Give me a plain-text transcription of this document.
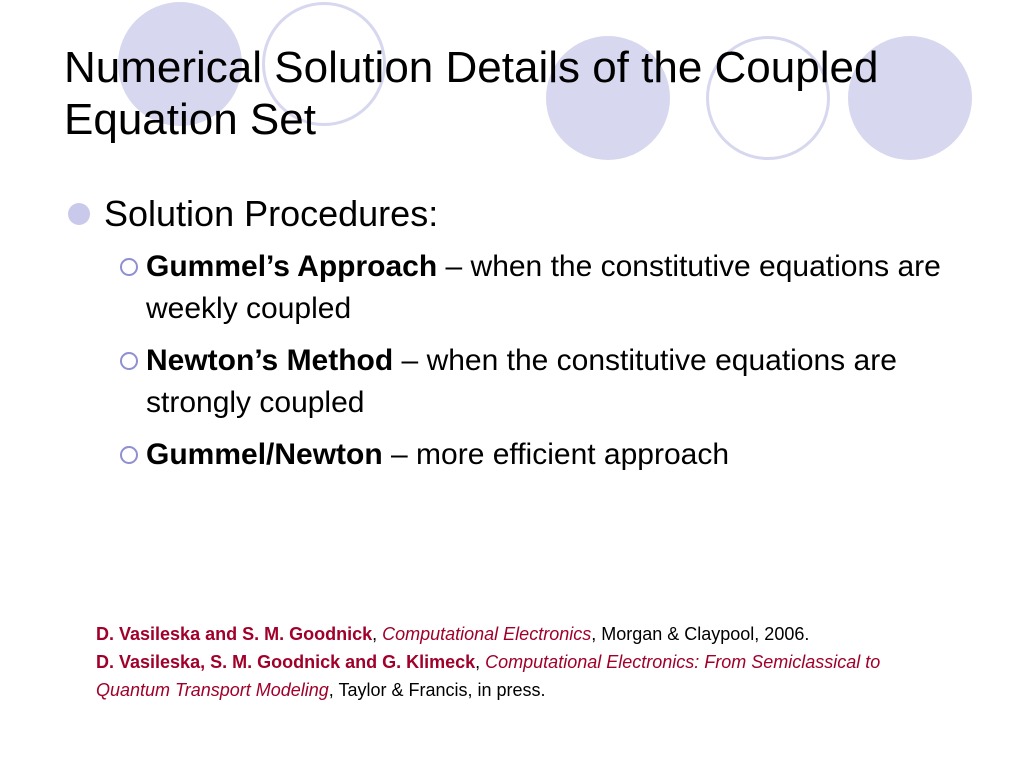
Numerical Solution Details of the Coupled Equation Set
Solution Procedures:
Gummel’s Approach – when the constitutive equations are weekly coupled
Newton’s Method – when the constitutive equations are strongly coupled
Gummel/Newton – more efficient approach

D. Vasileska and S. M. Goodnick, Computational Electronics, Morgan & Claypool, 2006.

D. Vasileska, S. M. Goodnick and G. Klimeck, Computational Electronics: From Semiclassical to Quantum Transport Modeling, Taylor & Francis, in press.
